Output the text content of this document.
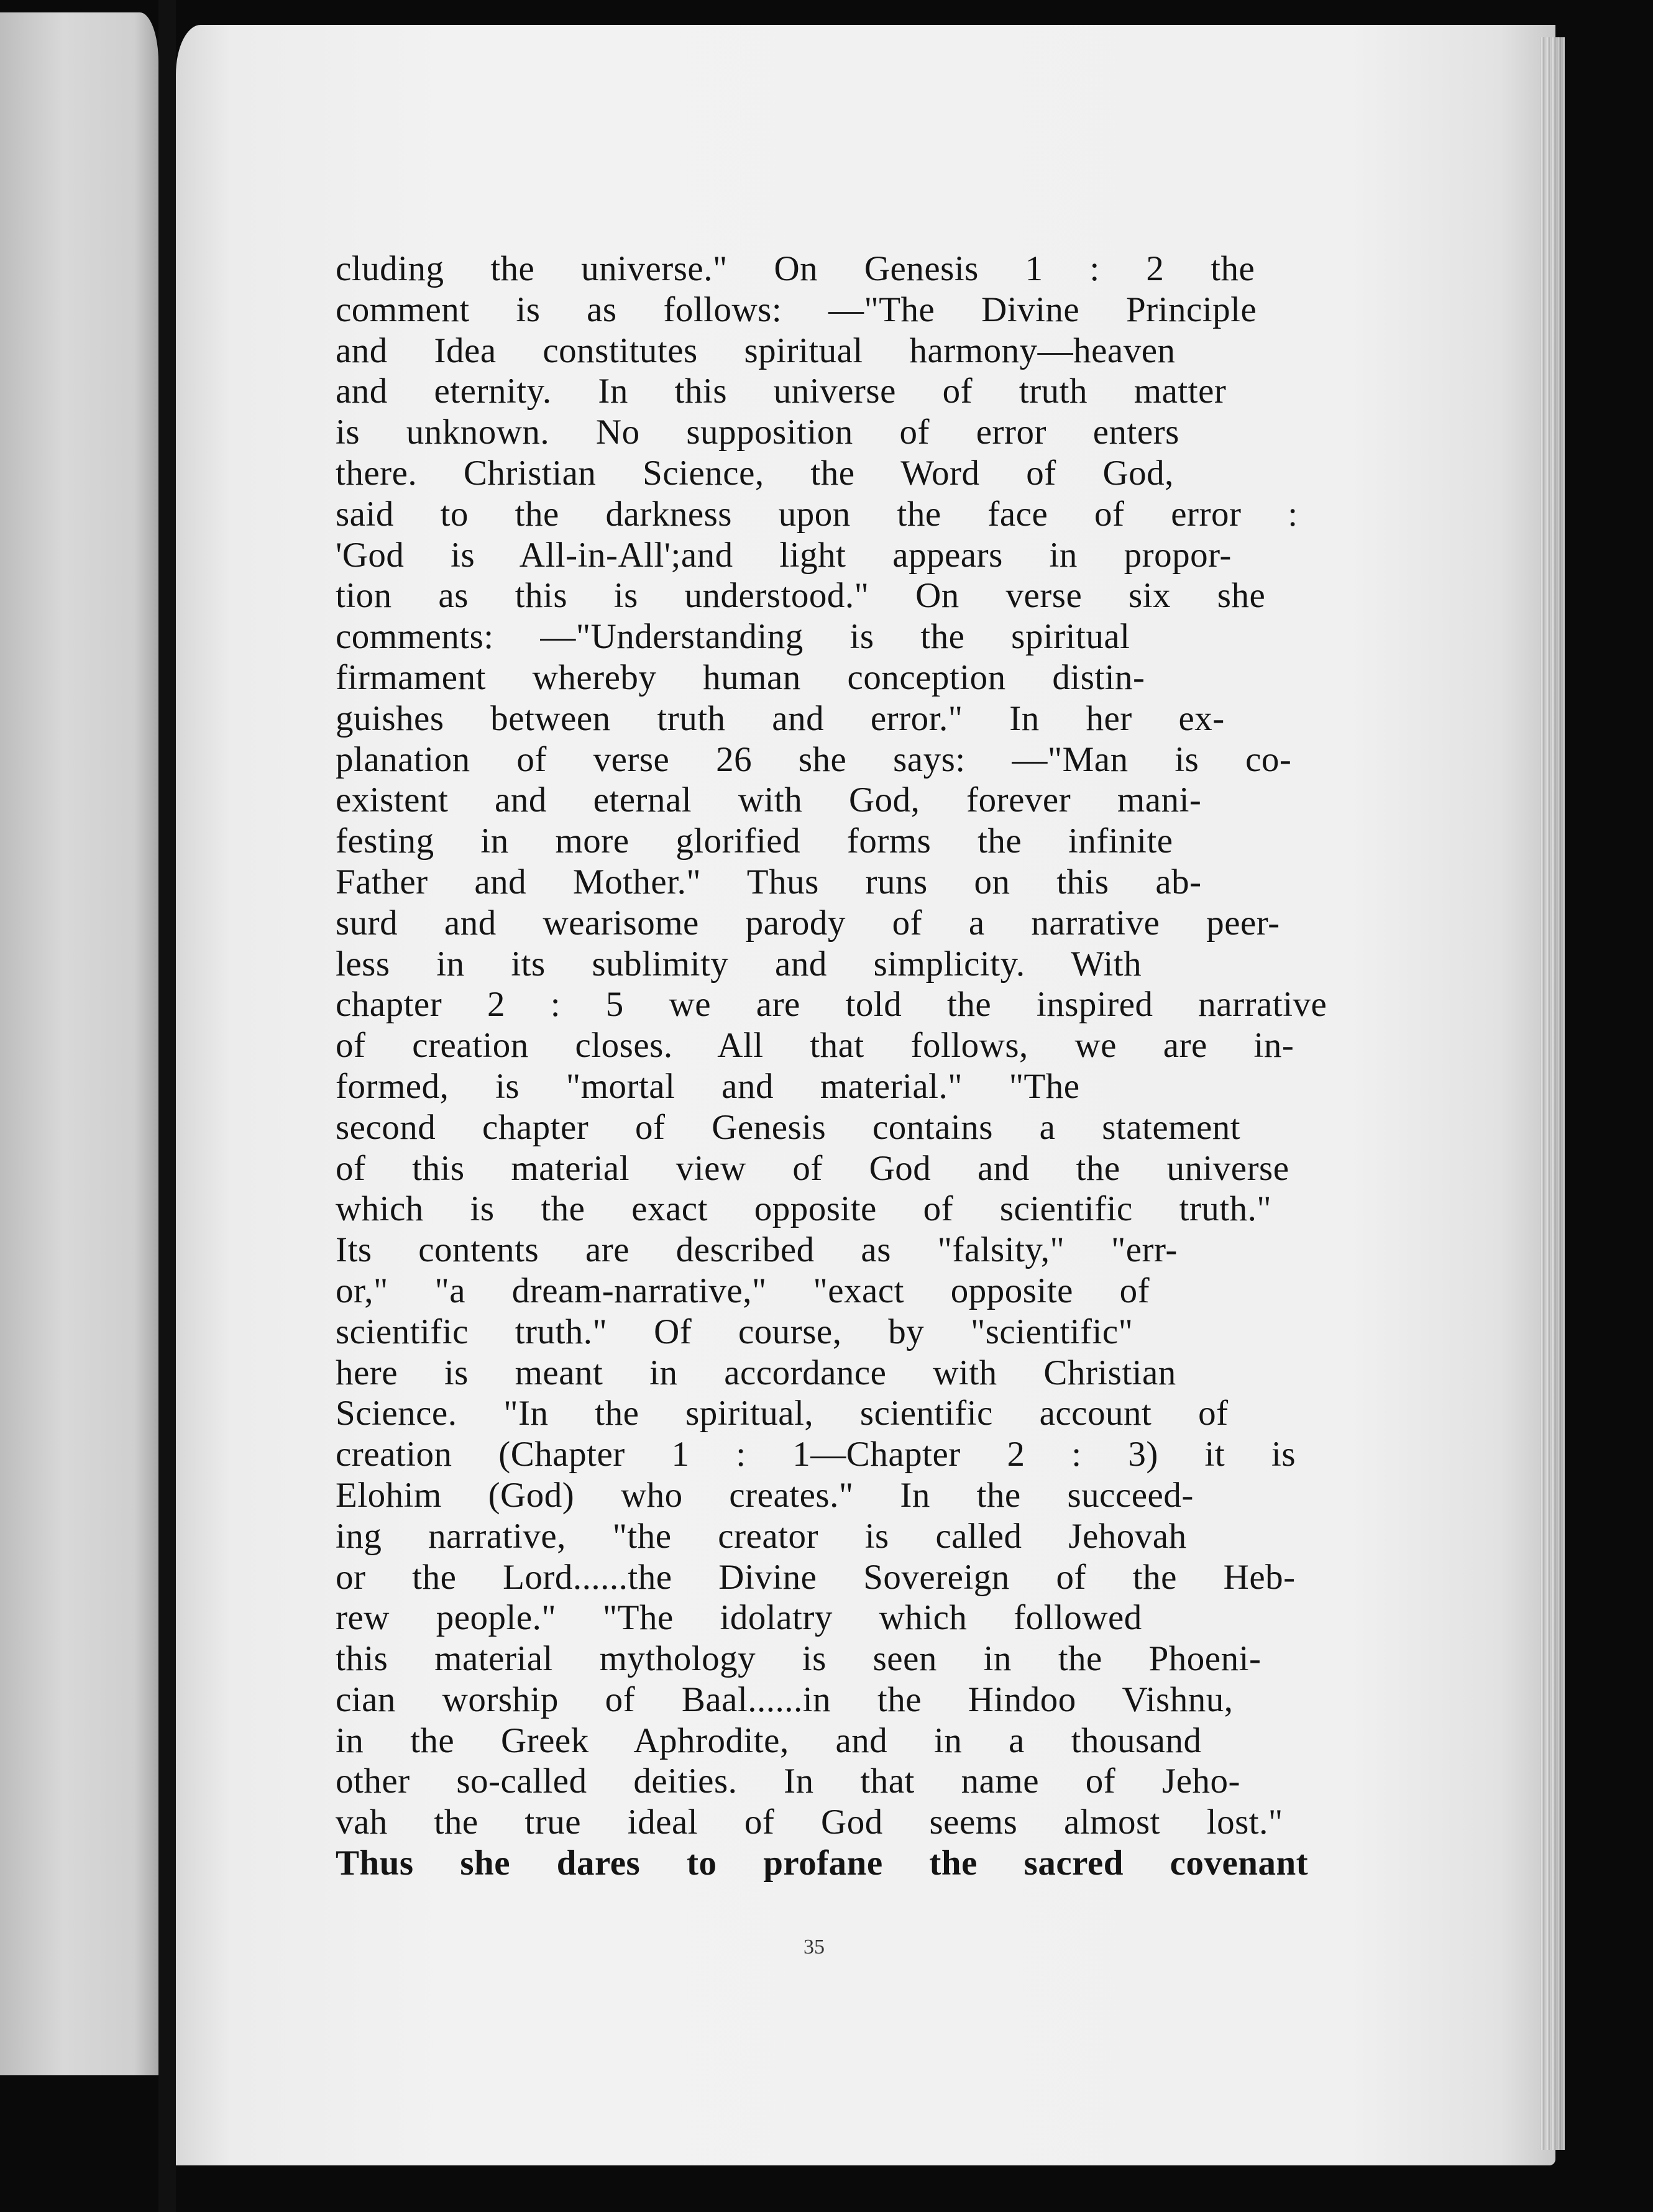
cluding the universe." On Genesis 1 : 2 the
comment is as follows: —"The Divine Principle
and Idea constitutes spiritual harmony—heaven
and eternity. In this universe of truth matter
is unknown. No supposition of error enters
there. Christian Science, the Word of God,
said to the darkness upon the face of error :
'God is All-in-All';and light appears in propor-
tion as this is understood." On verse six she
comments: —"Understanding is the spiritual
firmament whereby human conception distin-
guishes between truth and error." In her ex-
planation of verse 26 she says: —"Man is co-
existent and eternal with God, forever mani-
festing in more glorified forms the infinite
Father and Mother." Thus runs on this ab-
surd and wearisome parody of a narrative peer-
less in its sublimity and simplicity. With
chapter 2 : 5 we are told the inspired narrative
of creation closes. All that follows, we are in-
formed, is "mortal and material." "The
second chapter of Genesis contains a statement
of this material view of God and the universe
which is the exact opposite of scientific truth."
Its contents are described as "falsity," "err-
or," "a dream-narrative," "exact opposite of
scientific truth." Of course, by "scientific"
here is meant in accordance with Christian
Science. "In the spiritual, scientific account of
creation (Chapter 1 : 1—Chapter 2 : 3) it is
Elohim (God) who creates." In the succeed-
ing narrative, "the creator is called Jehovah
or the Lord......the Divine Sovereign of the Heb-
rew people." "The idolatry which followed
this material mythology is seen in the Phoeni-
cian worship of Baal......in the Hindoo Vishnu,
in the Greek Aphrodite, and in a thousand
other so-called deities. In that name of Jeho-
vah the true ideal of God seems almost lost."
Thus she dares to profane the sacred covenant
35
